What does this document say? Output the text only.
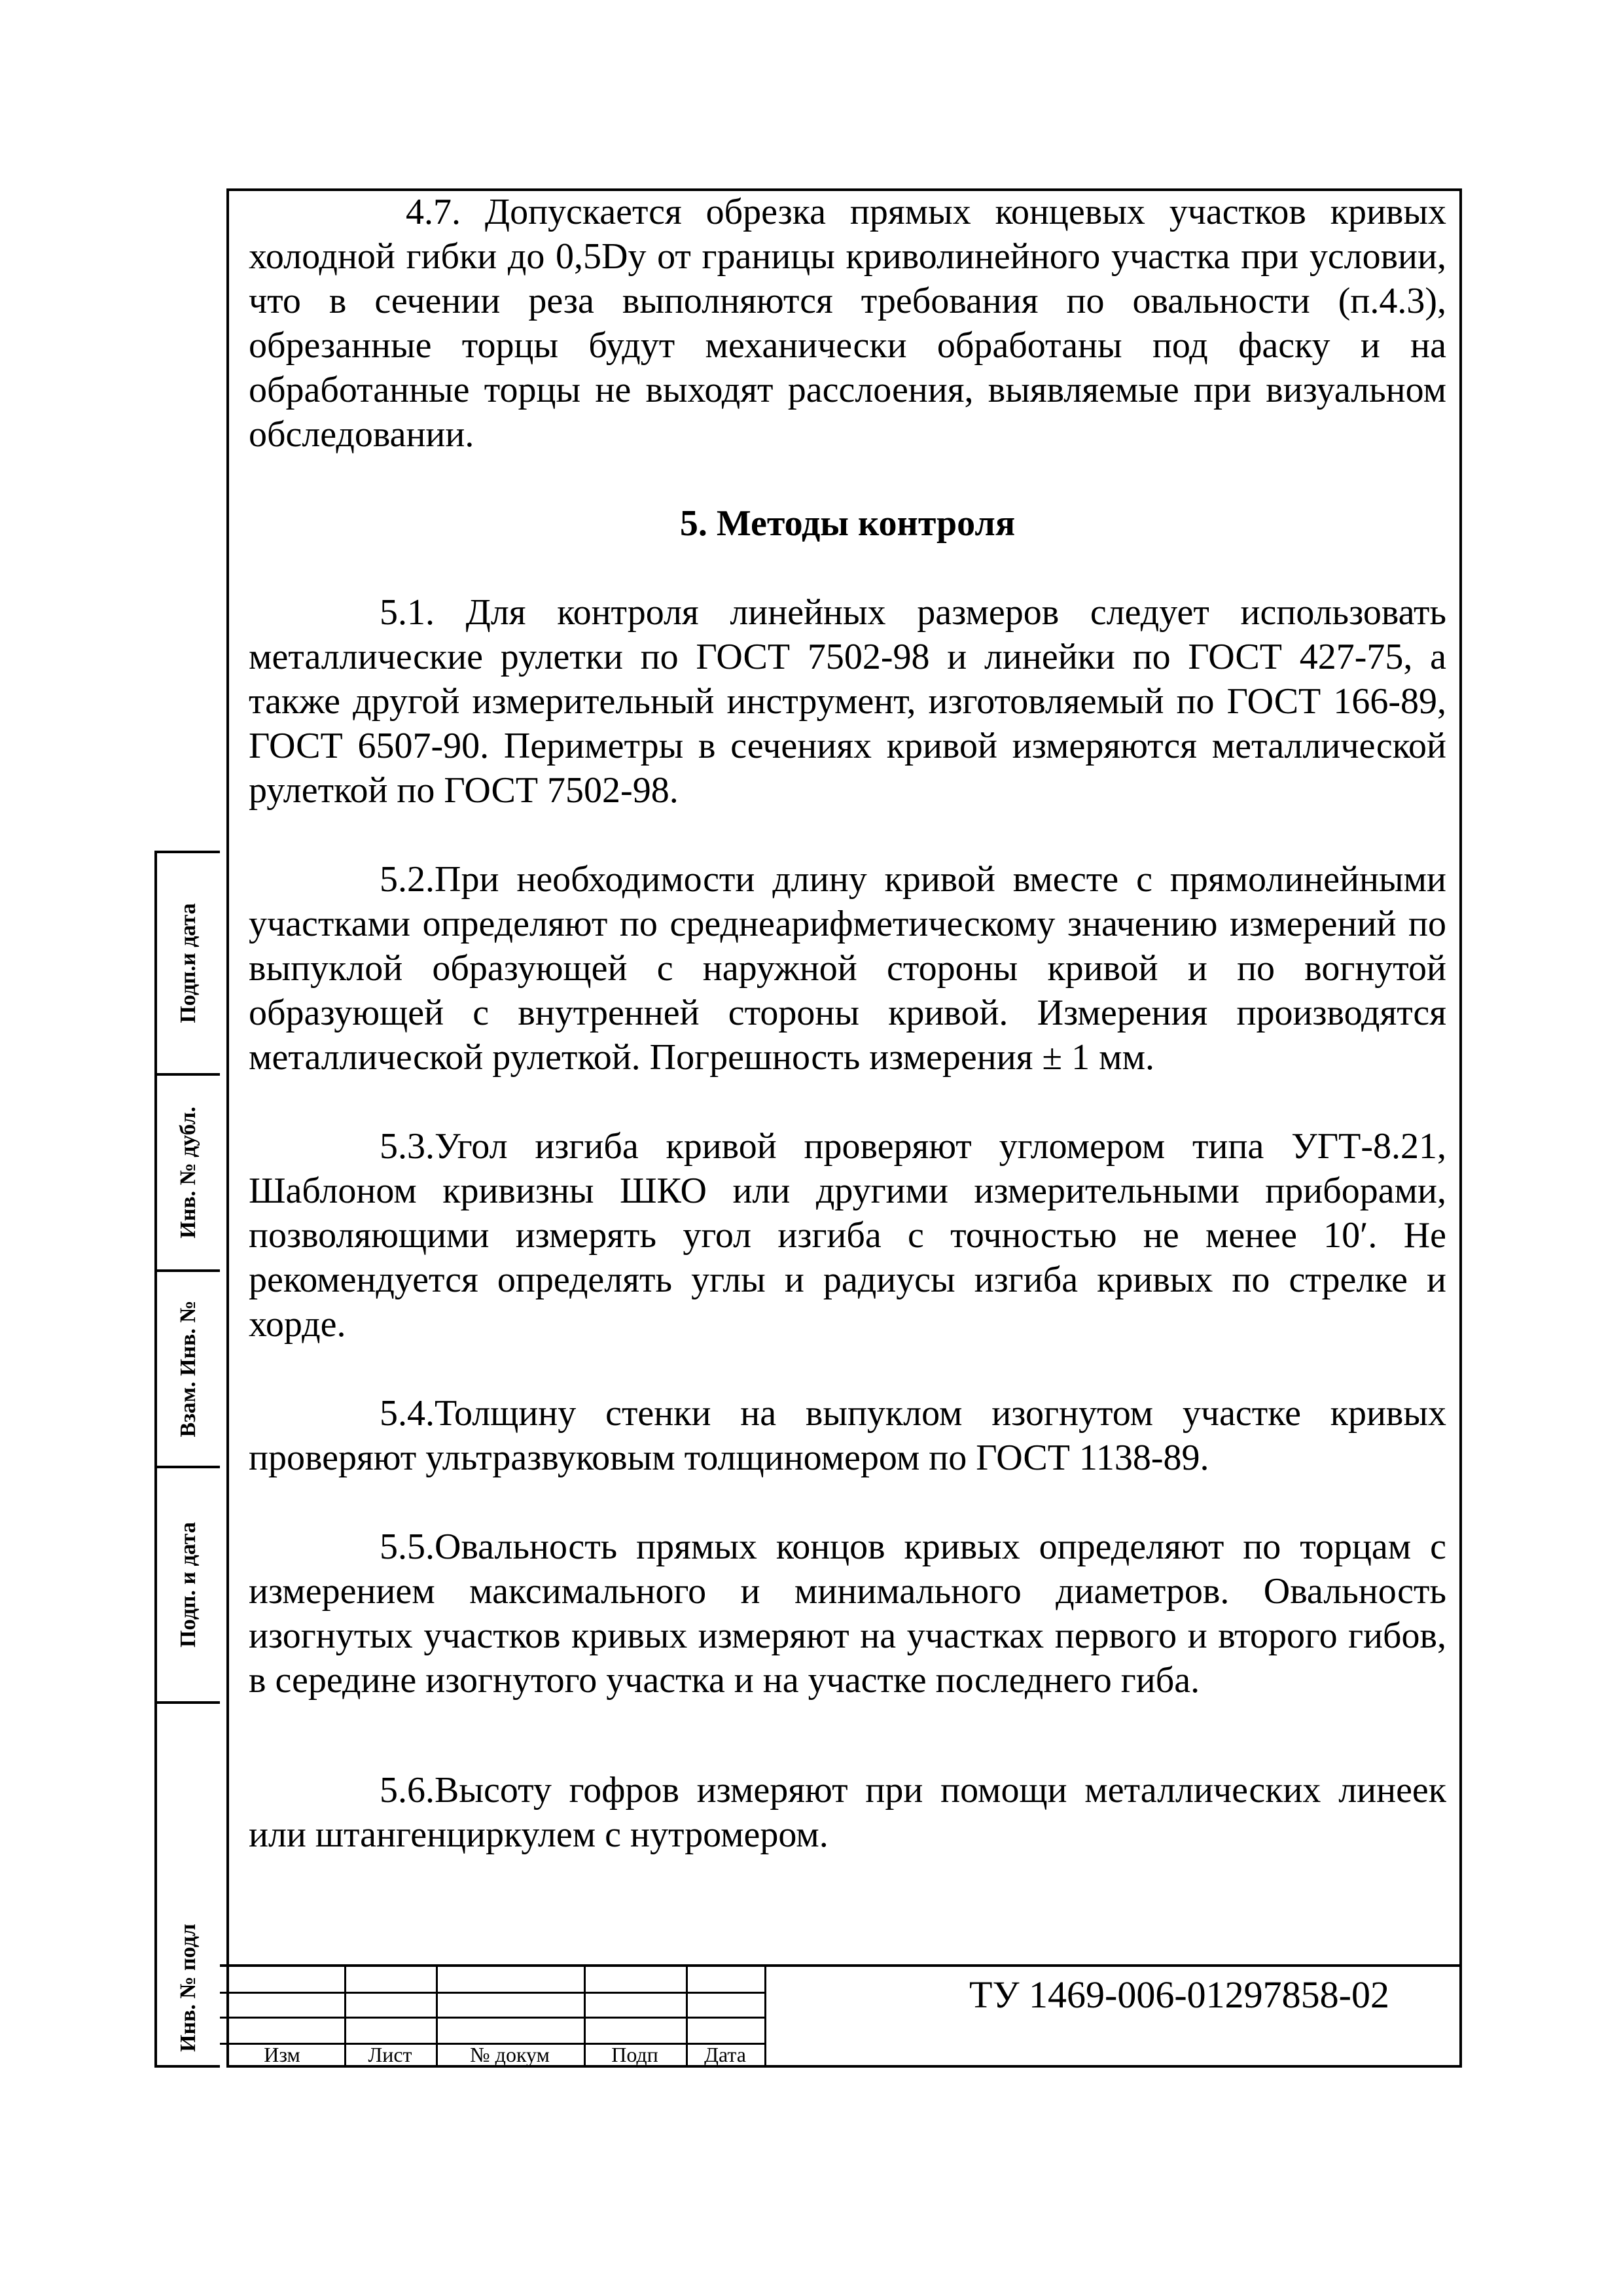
4.7. Допускается обрезка прямых концевых участков кривых холодной гибки до 0,5Dy от границы криволинейного участка при условии, что в сечении реза выполняются требования по овальности (п.4.3), обрезанные торцы будут механически обработаны под фаску и на обработанные торцы не выходят расслоения, выявляемые при визуальном обследовании.

5. Методы контроля

5.1. Для контроля линейных размеров следует использовать металлические рулетки по ГОСТ 7502-98 и линейки по ГОСТ 427-75, а также другой измерительный инструмент, изготовляемый по ГОСТ 166-89, ГОСТ 6507-90. Периметры в сечениях кривой измеряются металлической рулеткой по ГОСТ 7502-98.

5.2.При необходимости длину кривой вместе с прямолинейными участками определяют по среднеарифметическому значению измерений по выпуклой образующей с наружной стороны кривой и по вогнутой образующей с внутренней стороны кривой. Измерения производятся металлической рулеткой. Погрешность измерения ± 1 мм.

5.3.Угол изгиба кривой проверяют угломером типа УГТ-8.21, Шаблоном кривизны ШКО или другими измерительными приборами, позволяющими измерять угол изгиба с точностью не менее 10′. Не рекомендуется определять углы и радиусы изгиба кривых по стрелке и хорде.

5.4.Толщину стенки на выпуклом изогнутом участке кривых проверяют ультразвуковым толщиномером по ГОСТ 1138-89.

5.5.Овальность прямых концов кривых определяют по торцам с измерением максимального и минимального диаметров. Овальность изогнутых участков кривых измеряют на участках первого и второго гибов, в середине изогнутого участка и на участке последнего гиба.

5.6.Высоту гофров измеряют при помощи металлических линеек или штангенциркулем с нутромером.

Подп.и дата
Инв. № дубл.
Взам. Инв. №
Подп. и дата
Инв. № подл
Изм	Лист	№ докум	Подп	Дата
ТУ 1469-006-01297858-02
